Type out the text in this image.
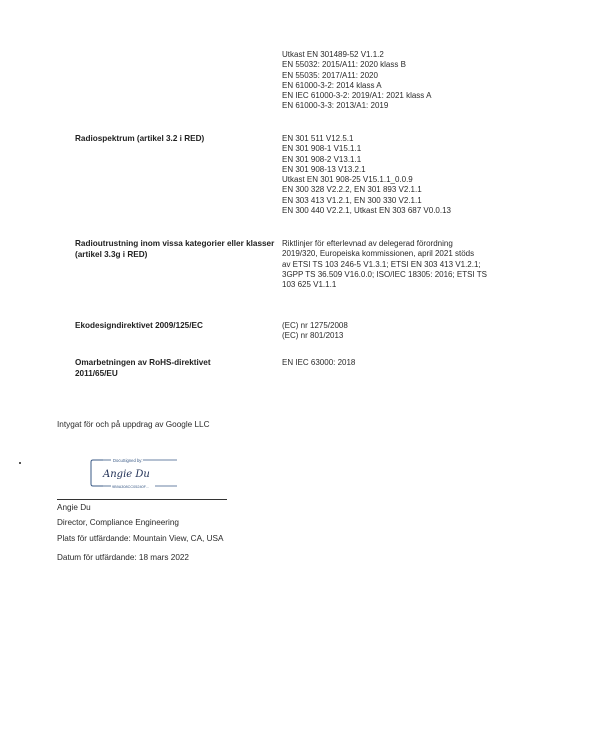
Utkast EN 301489-52 V1.1.2
EN 55032: 2015/A11: 2020 klass B
EN 55035: 2017/A11: 2020
EN 61000-3-2: 2014 klass A
EN IEC 61000-3-2: 2019/A1: 2021 klass A
EN 61000-3-3: 2013/A1: 2019
Radiospektrum (artikel 3.2 i RED)	EN 301 511 V12.5.1
EN 301 908-1 V15.1.1
EN 301 908-2 V13.1.1
EN 301 908-13 V13.2.1
Utkast EN 301 908-25 V15.1.1_0.0.9
EN 300 328 V2.2.2, EN 301 893 V2.1.1
EN 303 413 V1.2.1, EN 300 330 V2.1.1
EN 300 440 V2.2.1, Utkast EN 303 687 V0.0.13
Radioutrustning inom vissa kategorier eller klasser (artikel 3.3g i RED)
Riktlinjer för efterlevnad av delegerad förordning
2019/320, Europeiska kommissionen, april 2021 stöds
av ETSI TS 103 246-5 V1.3.1; ETSI EN 303 413 V1.2.1;
3GPP TS 36.509 V16.0.0; ISO/IEC 18305: 2016; ETSI TS
103 625 V1.1.1
Ekodesigndirektivet 2009/125/EC	(EC) nr 1275/2008
(EC) nr 801/2013
Omarbetningen av RoHS-direktivet 2011/65/EU
EN IEC 63000: 2018
Intygat för och på uppdrag av Google LLC
DocuSigned by:
Angie Du
9B9A308CC05240F...
Angie Du
Director, Compliance Engineering
Plats för utfärdande: Mountain View, CA, USA
Datum för utfärdande: 18 mars 2022
